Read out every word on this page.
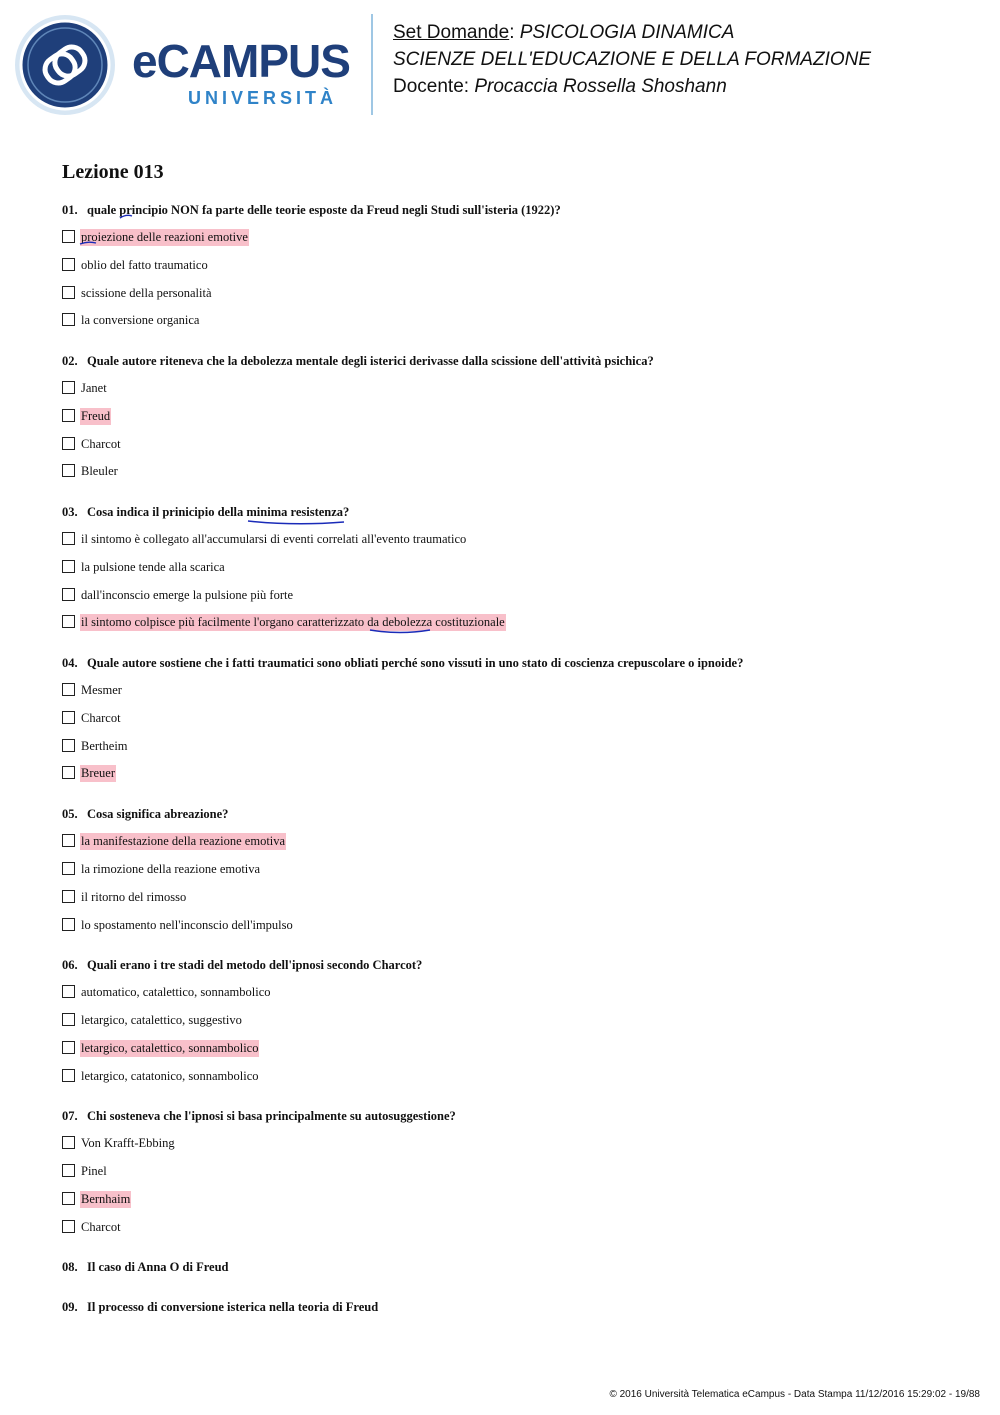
eCAMPUS
UNIVERSITÀ
Set Domande: PSICOLOGIA DINAMICA
SCIENZE DELL'EDUCAZIONE E DELLA FORMAZIONE
Docente: Procaccia Rossella Shoshann
Lezione 013
01. quale principio NON fa parte delle teorie esposte da Freud negli Studi sull'isteria (1922)?
proiezione delle reazioni emotive
oblio del fatto traumatico
scissione della personalità
la conversione organica
02. Quale autore riteneva che la debolezza mentale degli isterici derivasse dalla scissione dell'attività psichica?
Janet
Freud
Charcot
Bleuler
03. Cosa indica il prinicipio della minima resistenza?
il sintomo è collegato all'accumularsi di eventi correlati all'evento traumatico
la pulsione tende alla scarica
dall'inconscio emerge la pulsione più forte
il sintomo colpisce più facilmente l'organo caratterizzato da debolezza costituzionale
04. Quale autore sostiene che i fatti traumatici sono obliati perché sono vissuti in uno stato di coscienza crepuscolare o ipnoide?
Mesmer
Charcot
Bertheim
Breuer
05. Cosa significa abreazione?
la manifestazione della reazione emotiva
la rimozione della reazione emotiva
il ritorno del rimosso
lo spostamento nell'inconscio dell'impulso
06. Quali erano i tre stadi del metodo dell'ipnosi secondo Charcot?
automatico, catalettico, sonnambolico
letargico, catalettico, suggestivo
letargico, catalettico, sonnambolico
letargico, catatonico, sonnambolico
07. Chi sosteneva che l'ipnosi si basa principalmente su autosuggestione?
Von Krafft-Ebbing
Pinel
Bernhaim
Charcot
08. Il caso di Anna O di Freud
09. Il processo di conversione isterica nella teoria di Freud
© 2016 Università Telematica eCampus - Data Stampa 11/12/2016 15:29:02 - 19/88
